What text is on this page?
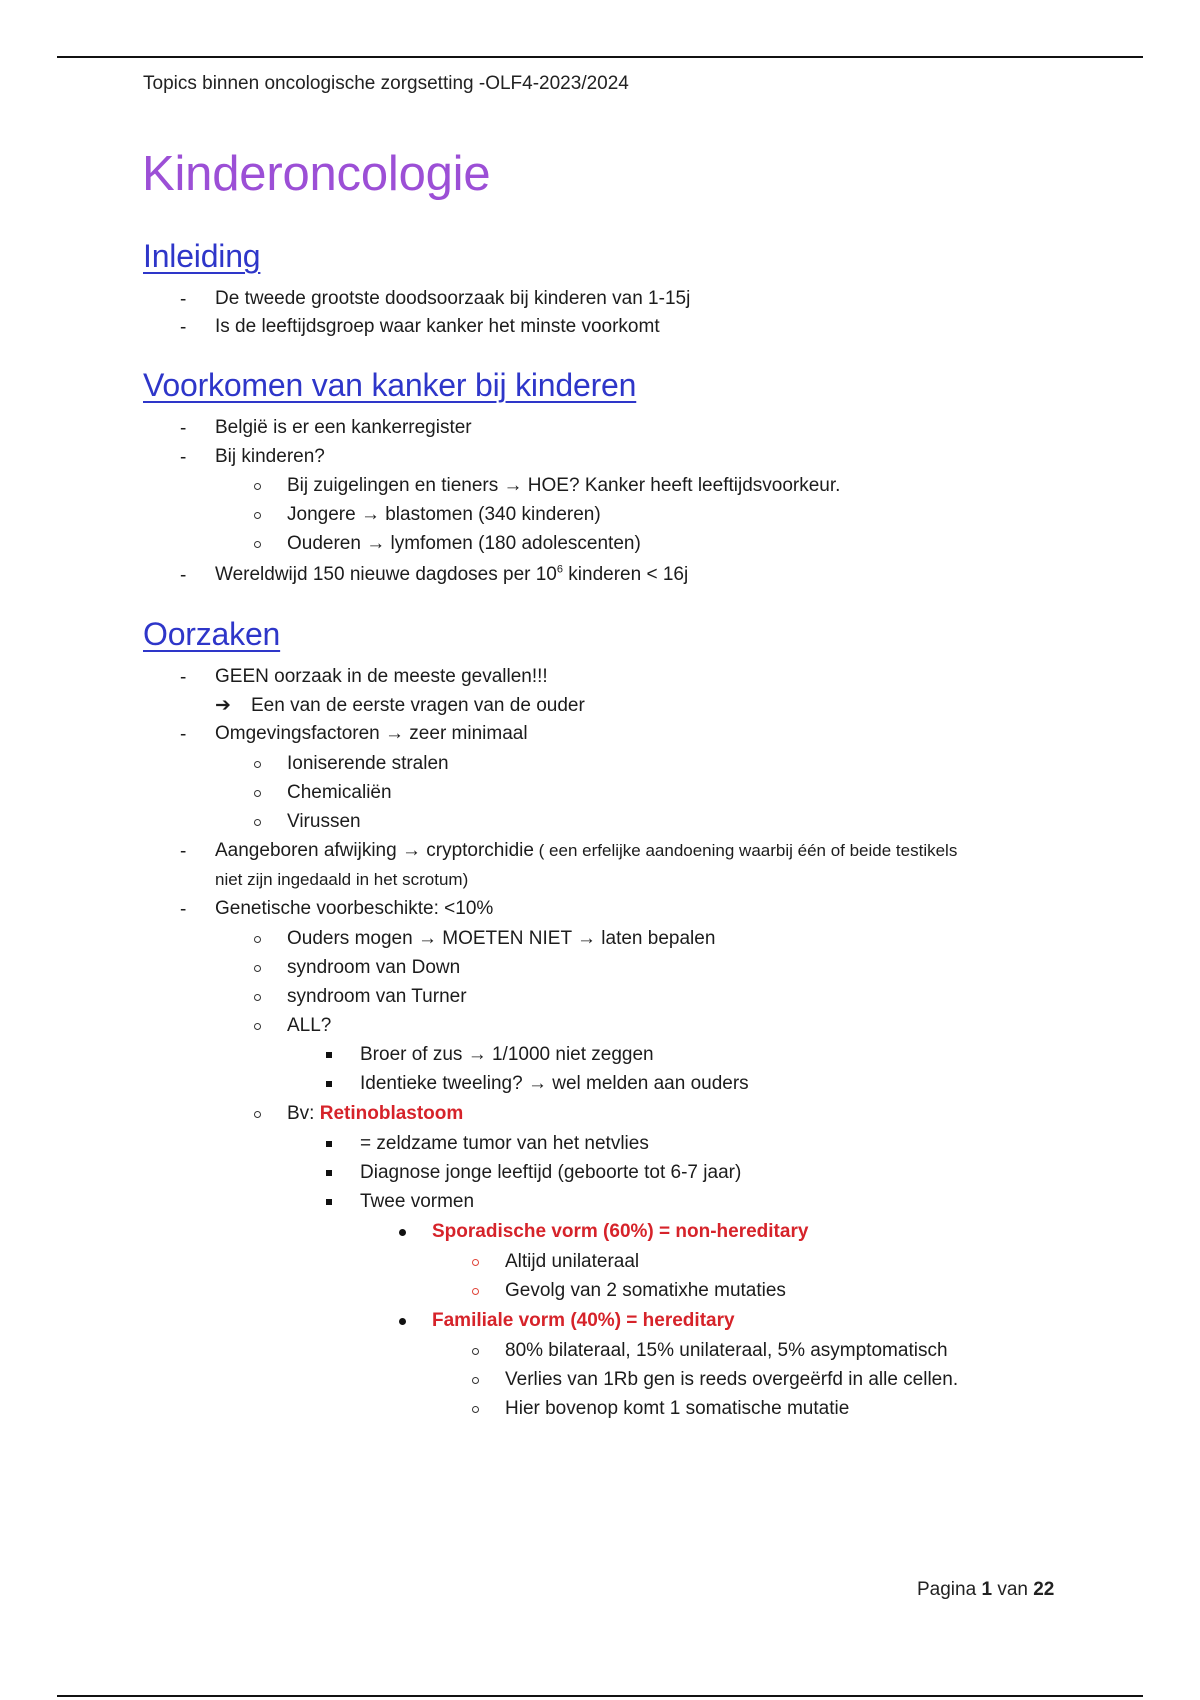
Topics binnen oncologische zorgsetting -OLF4-2023/2024
Kinderoncologie
Inleiding
- De tweede grootste doodsoorzaak bij kinderen van 1-15j
- Is de leeftijdsgroep waar kanker het minste voorkomt
Voorkomen van kanker bij kinderen
- België is er een kankerregister
- Bij kinderen?
Bij zuigelingen en tieners → HOE? Kanker heeft leeftijdsvoorkeur.
Jongere → blastomen (340 kinderen)
Ouderen → lymfomen (180 adolescenten)
- Wereldwijd 150 nieuwe dagdoses per $10^6$ kinderen < 16j
Oorzaken
- GEEN oorzaak in de meeste gevallen!!!
➔ Een van de eerste vragen van de ouder
- Omgevingsfactoren → zeer minimaal
Ioniserende stralen
Chemicaliën
Virussen
- Aangeboren afwijking → cryptorchidie ( een erfelijke aandoening waarbij één of beide testikels
niet zijn ingedaald in het scrotum)
- Genetische voorbeschikte: <10%
Ouders mogen → MOETEN NIET → laten bepalen
syndroom van Down
syndroom van Turner
ALL?
Broer of zus → 1/1000 niet zeggen
Identieke tweeling? → wel melden aan ouders
Bv: Retinoblastoom
= zeldzame tumor van het netvlies
Diagnose jonge leeftijd (geboorte tot 6-7 jaar)
Twee vormen
Sporadische vorm (60%) = non-hereditary
Altijd unilateraal
Gevolg van 2 somatixhe mutaties
Familiale vorm (40%) = hereditary
80% bilateraal, 15% unilateraal, 5% asymptomatisch
Verlies van 1Rb gen is reeds overgeërfd in alle cellen.
Hier bovenop komt 1 somatische mutatie
Pagina 1 van 22
